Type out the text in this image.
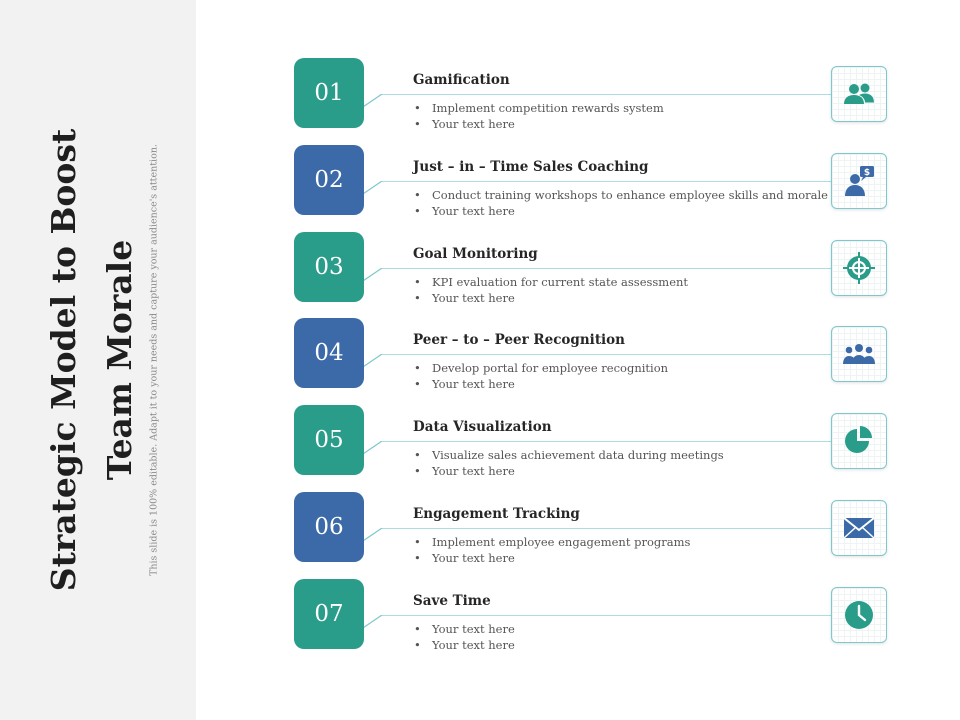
Strategic Model to Boost Team Morale	This slide is 100% editable. Adapt it to your needs and capture your audience's attention.
01	Gamification
• Implement competition rewards system
• Your text here
02	Just – in – Time Sales Coaching
• Conduct training workshops to enhance employee skills and morale
• Your text here
$
03	Goal Monitoring
• KPI evaluation for current state assessment
• Your text here
04	Peer – to – Peer Recognition
• Develop portal for employee recognition
• Your text here
05	Data Visualization
• Visualize sales achievement data during meetings
• Your text here
06	Engagement Tracking
• Implement employee engagement programs
• Your text here
07	Save Time
• Your text here
• Your text here
